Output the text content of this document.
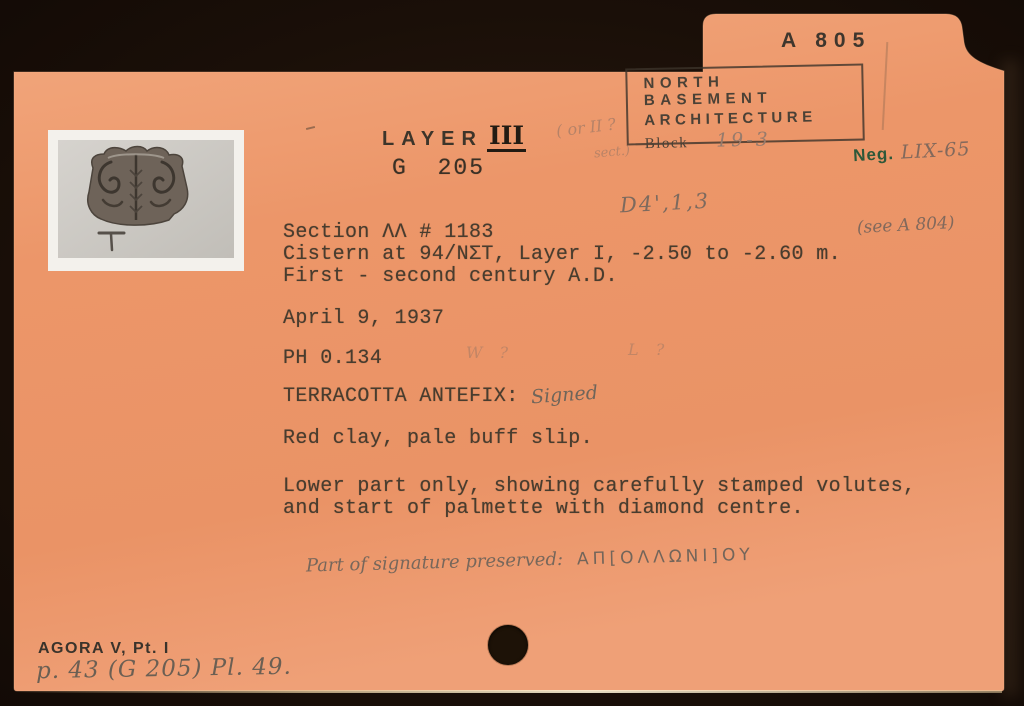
A 805
NORTH BASEMENT
ARCHITECTURE
Block 19-3

Neg. LIX-65

(see A 804)

LAYER III ( or II ?
sect.)
G 205
D4',1,3
Section ΛΛ # 1183
Cistern at 94/ΝΣΤ, Layer I, -2.50 to -2.60 m.
First - second century A.D.
April 9, 1937
PH 0.134	W ?	L ?
TERRACOTTA ANTEFIX: Signed
Red clay, pale buff slip.
Lower part only, showing carefully stamped volutes,
and start of palmette with diamond centre.

Part of signature preserved: ΑΠ[ΟΛΛΩΝΙ]ΟΥ

AGORA V, Pt. I
p. 43 (G 205) Pl. 49.
